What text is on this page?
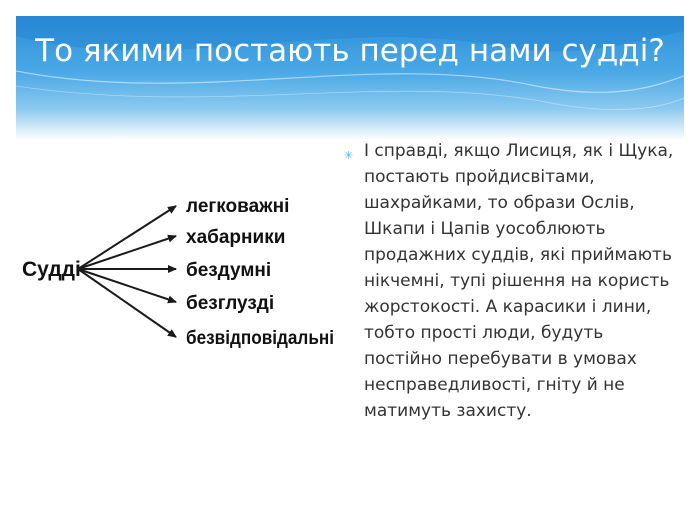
То якими постають перед нами судді?
Судді
легковажні
хабарники
бездумні
безглузді
безвідповідальні
✳ І справді, якщо Лисиця, як і Щука, постають пройдисвітами, шахрайками, то образи Ослів, Шкапи і Цапів уособлюють продажних суддів, які приймають нікчемні, тупі рішення на користь жорстокості. А карасики і лини, тобто прості люди, будуть постійно перебувати в умовах несправедливості, гніту й не матимуть захисту.
